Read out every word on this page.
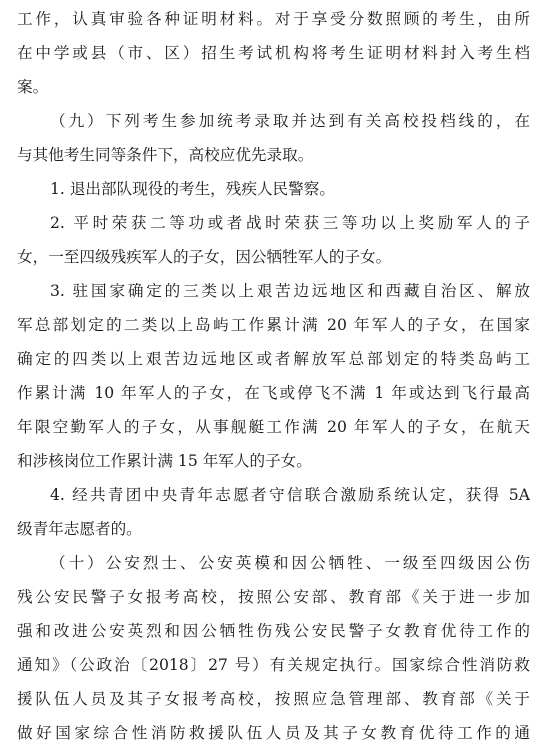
工作，认真审验各种证明材料。对于享受分数照顾的考生，由所
在中学或县（市、区）招生考试机构将考生证明材料封入考生档
案。
（九）下列考生参加统考录取并达到有关高校投档线的，在
与其他考生同等条件下，高校应优先录取。
1. 退出部队现役的考生，残疾人民警察。
2. 平时荣获二等功或者战时荣获三等功以上奖励军人的子
女，一至四级残疾军人的子女，因公牺牲军人的子女。
3. 驻国家确定的三类以上艰苦边远地区和西藏自治区、解放
军总部划定的二类以上岛屿工作累计满 20 年军人的子女，在国家
确定的四类以上艰苦边远地区或者解放军总部划定的特类岛屿工
作累计满 10 年军人的子女，在飞或停飞不满 1 年或达到飞行最高
年限空勤军人的子女，从事舰艇工作满 20 年军人的子女，在航天
和涉核岗位工作累计满 15 年军人的子女。
4. 经共青团中央青年志愿者守信联合激励系统认定，获得 5A
级青年志愿者的。
（十）公安烈士、公安英模和因公牺牲、一级至四级因公伤
残公安民警子女报考高校，按照公安部、教育部《关于进一步加
强和改进公安英烈和因公牺牲伤残公安民警子女教育优待工作的
通知》（公政治〔2018〕27 号）有关规定执行。国家综合性消防救
援队伍人员及其子女报考高校，按照应急管理部、教育部《关于
做好国家综合性消防救援队伍人员及其子女教育优待工作的通
